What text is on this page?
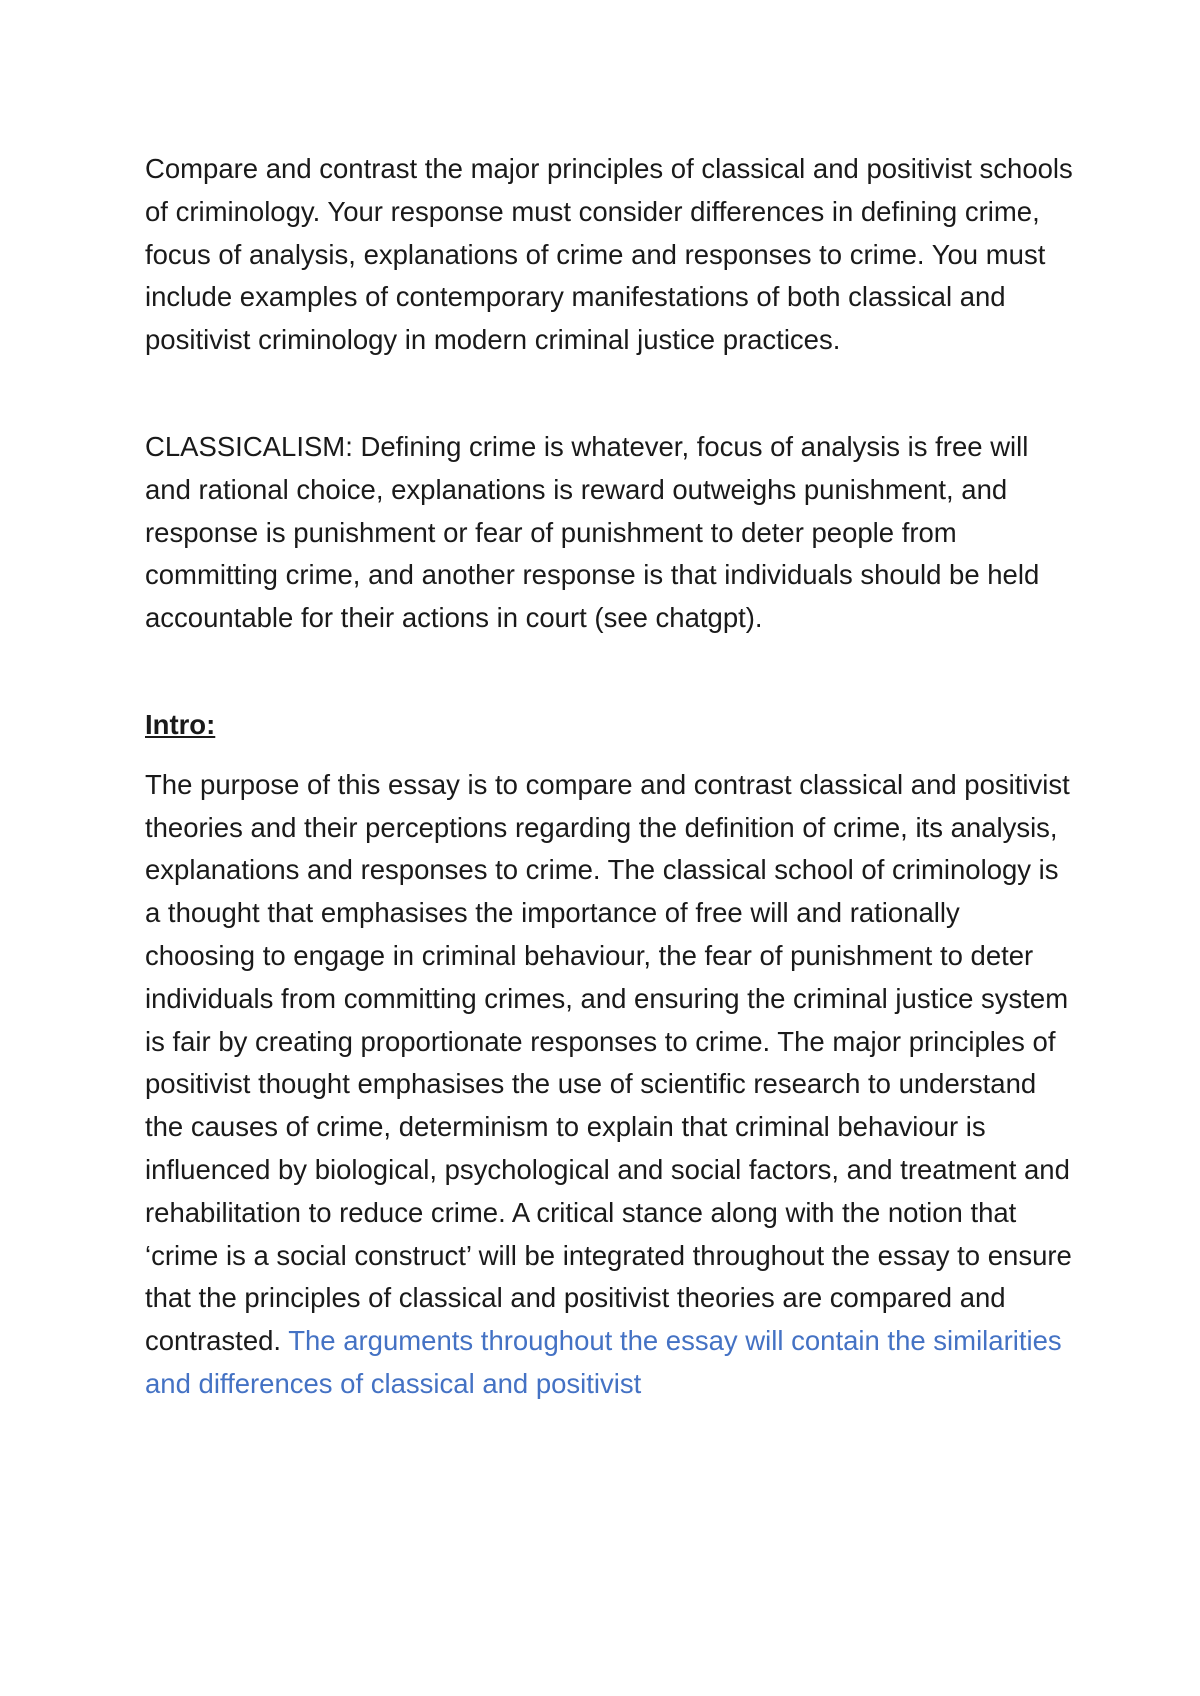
Compare and contrast the major principles of classical and positivist schools of criminology. Your response must consider differences in defining crime, focus of analysis, explanations of crime and responses to crime. You must include examples of contemporary manifestations of both classical and positivist criminology in modern criminal justice practices.

CLASSICALISM: Defining crime is whatever, focus of analysis is free will and rational choice, explanations is reward outweighs punishment, and response is punishment or fear of punishment to deter people from committing crime, and another response is that individuals should be held accountable for their actions in court (see chatgpt).

Intro:

The purpose of this essay is to compare and contrast classical and positivist theories and their perceptions regarding the definition of crime, its analysis, explanations and responses to crime. The classical school of criminology is a thought that emphasises the importance of free will and rationally choosing to engage in criminal behaviour, the fear of punishment to deter individuals from committing crimes, and ensuring the criminal justice system is fair by creating proportionate responses to crime. The major principles of positivist thought emphasises the use of scientific research to understand the causes of crime, determinism to explain that criminal behaviour is influenced by biological, psychological and social factors, and treatment and rehabilitation to reduce crime. A critical stance along with the notion that ‘crime is a social construct’ will be integrated throughout the essay to ensure that the principles of classical and positivist theories are compared and contrasted. The arguments throughout the essay will contain the similarities and differences of classical and positivist
